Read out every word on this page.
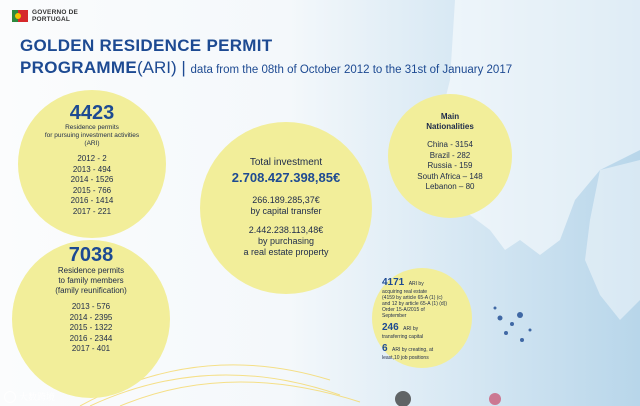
GOVERNO DE
PORTUGAL
GOLDEN RESIDENCE PERMIT
PROGRAMME(ARI) | data from the 08th of October 2012 to the 31st of January 2017
4423
Residence permits
for pursuing investment activities
(ARI)
2012 - 2
2013 - 494
2014 - 1526
2015 - 766
2016 - 1414
2017 - 221
7038
Residence permits
to family members
(family reunification)
2013 - 576
2014 - 2395
2015 - 1322
2016 - 2344
2017 - 401
Total investment
2.708.427.398,85€
266.189.285,37€
by capital transfer
2.442.238.113,48€
by purchasing
a real estate property
Main
Nationalities
China - 3154
Brazil - 282
Russia - 159
South Africa – 148
Lebanon – 80
4171 ARI by
acquiring real estate
(4159 by article 65-A (1) (c)
and 12 by article 65-A (1) (d))
Order 15-A/2015 of
September
246 ARI by
transferring capital
6 ARI by creating, at
least,10 job positions
大数跨境
